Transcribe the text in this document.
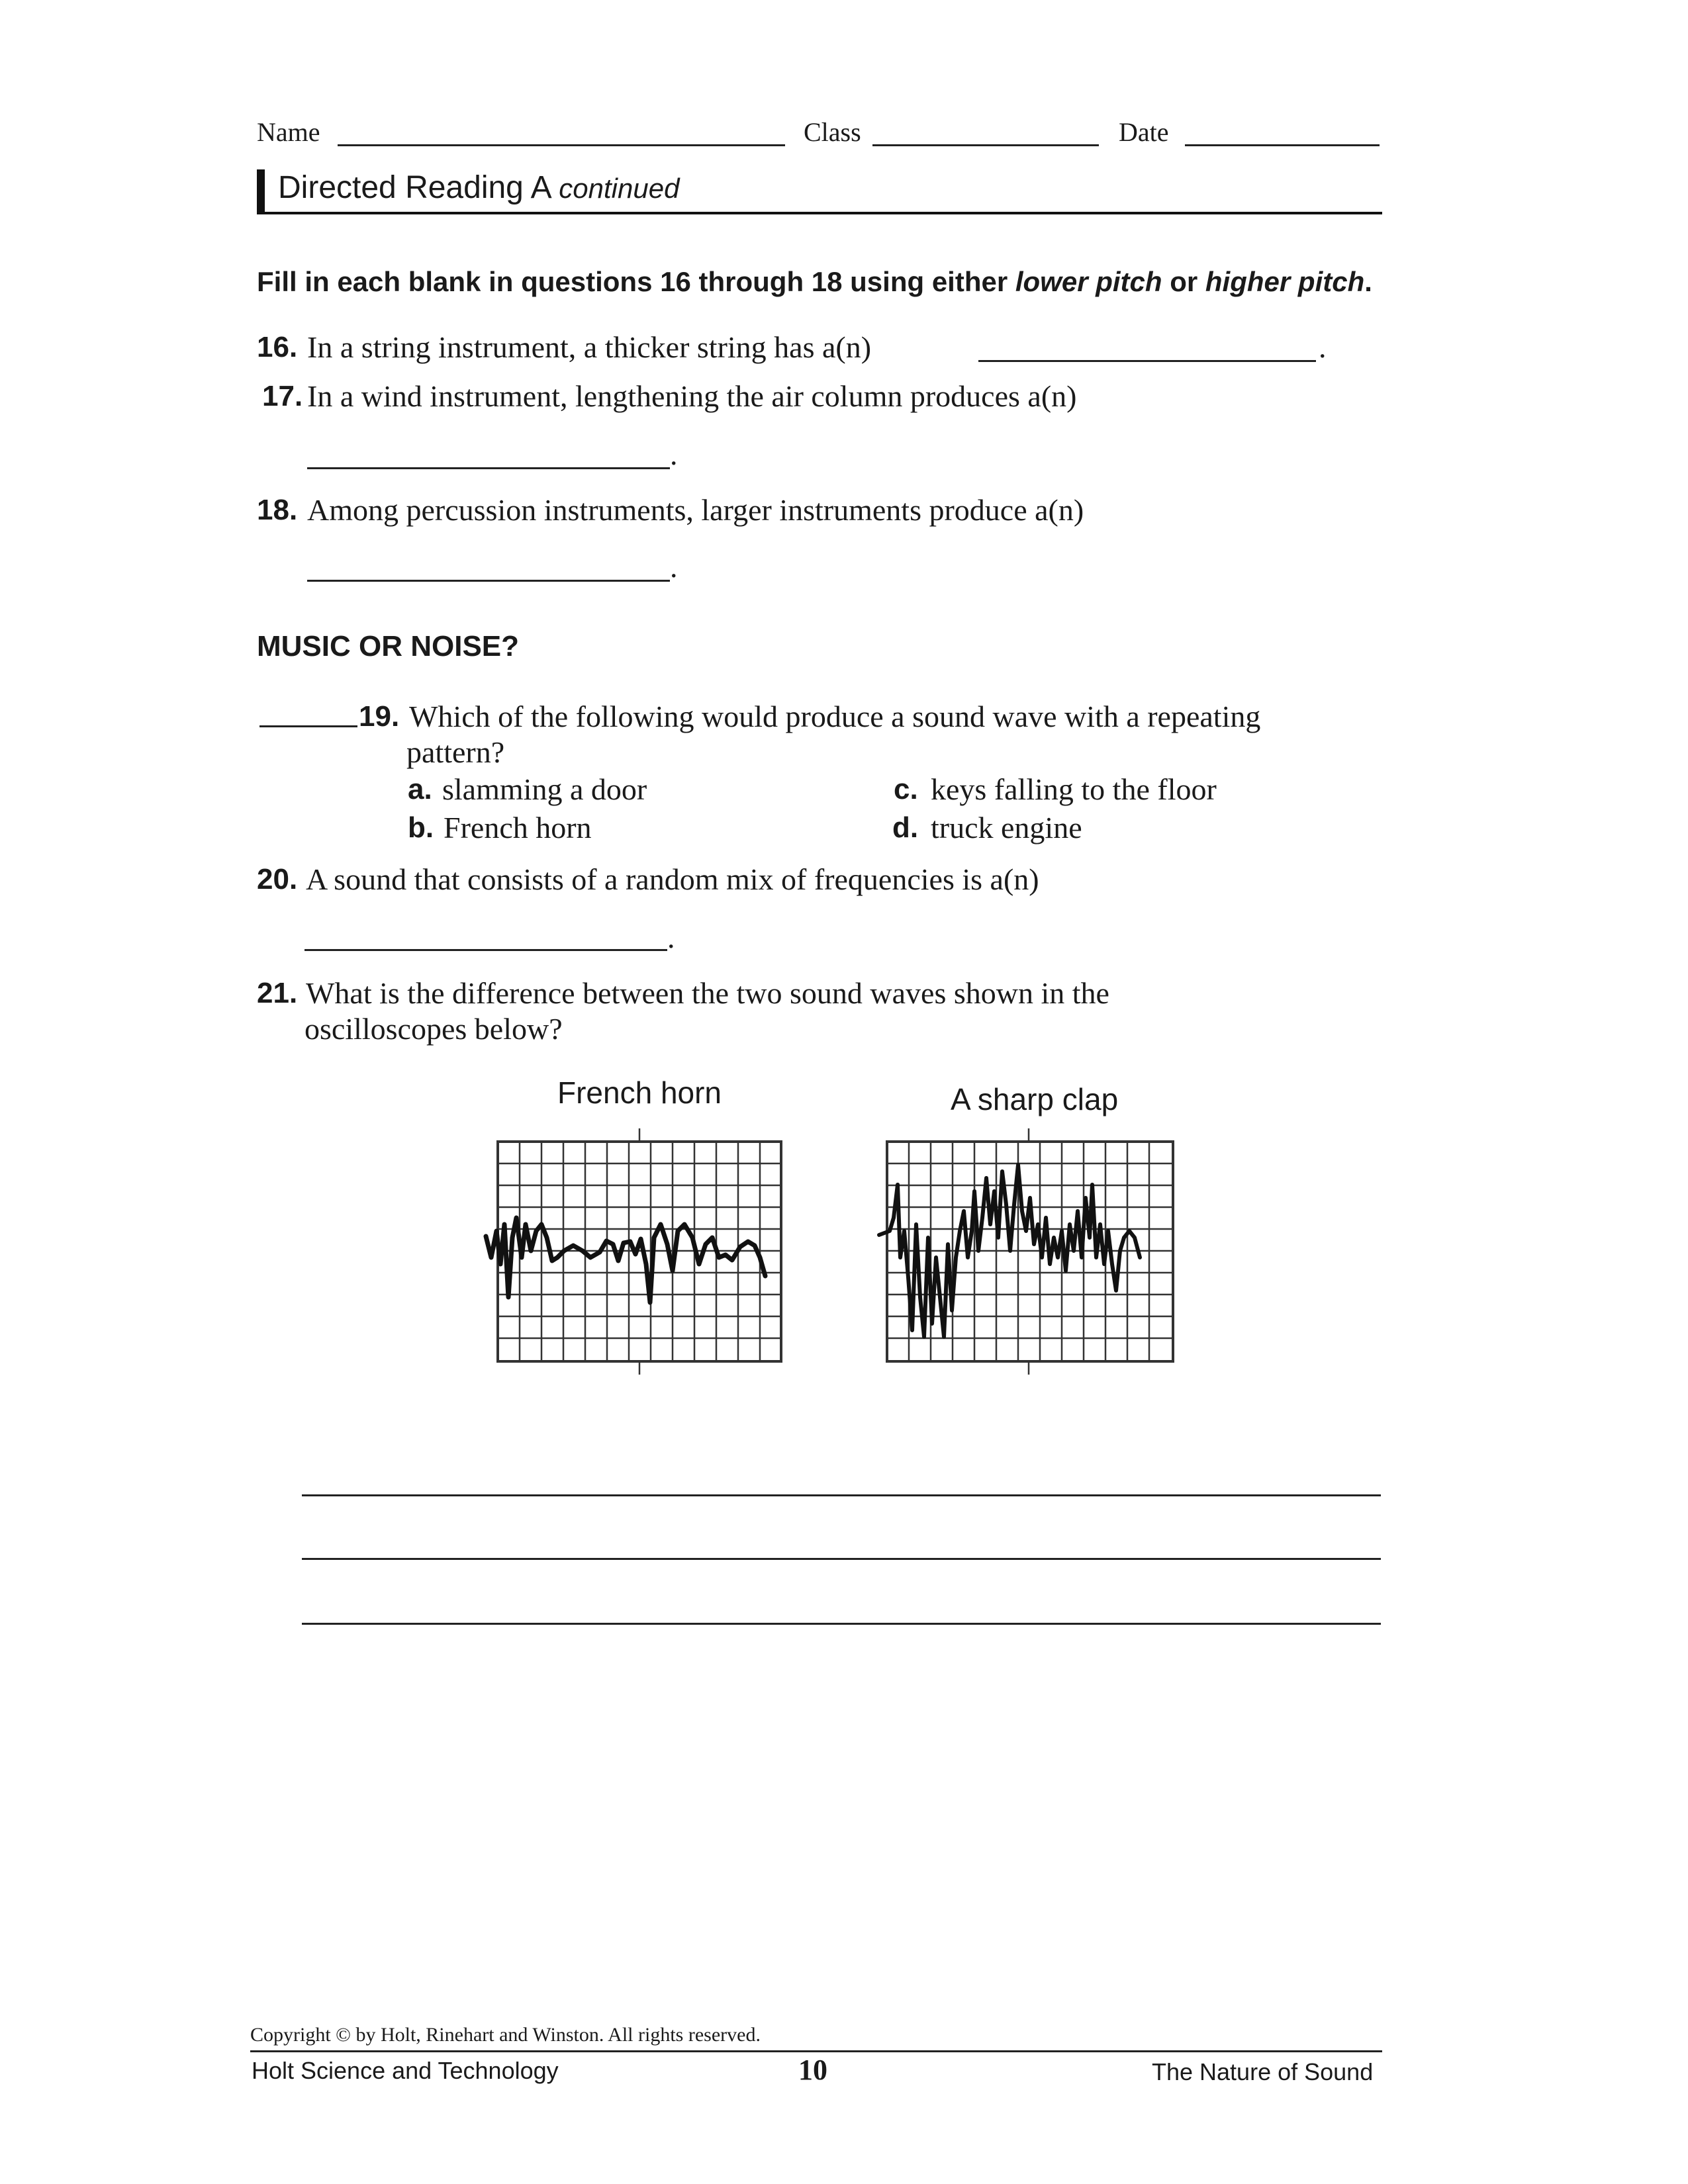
Name	Class	Date
Directed Reading A continued
Fill in each blank in questions 16 through 18 using either lower pitch or higher pitch.
16. In a string instrument, a thicker string has a(n)	.
17. In a wind instrument, lengthening the air column produces a(n)
.
18. Among percussion instruments, larger instruments produce a(n)
.
MUSIC OR NOISE?
19. Which of the following would produce a sound wave with a repeating
pattern?
a. slamming a door
b. French horn
c. keys falling to the floor
d. truck engine
20. A sound that consists of a random mix of frequencies is a(n)
.
21. What is the difference between the two sound waves shown in the
oscilloscopes below?
French horn	A sharp clap
Copyright © by Holt, Rinehart and Winston. All rights reserved.
Holt Science and Technology	10	The Nature of Sound
